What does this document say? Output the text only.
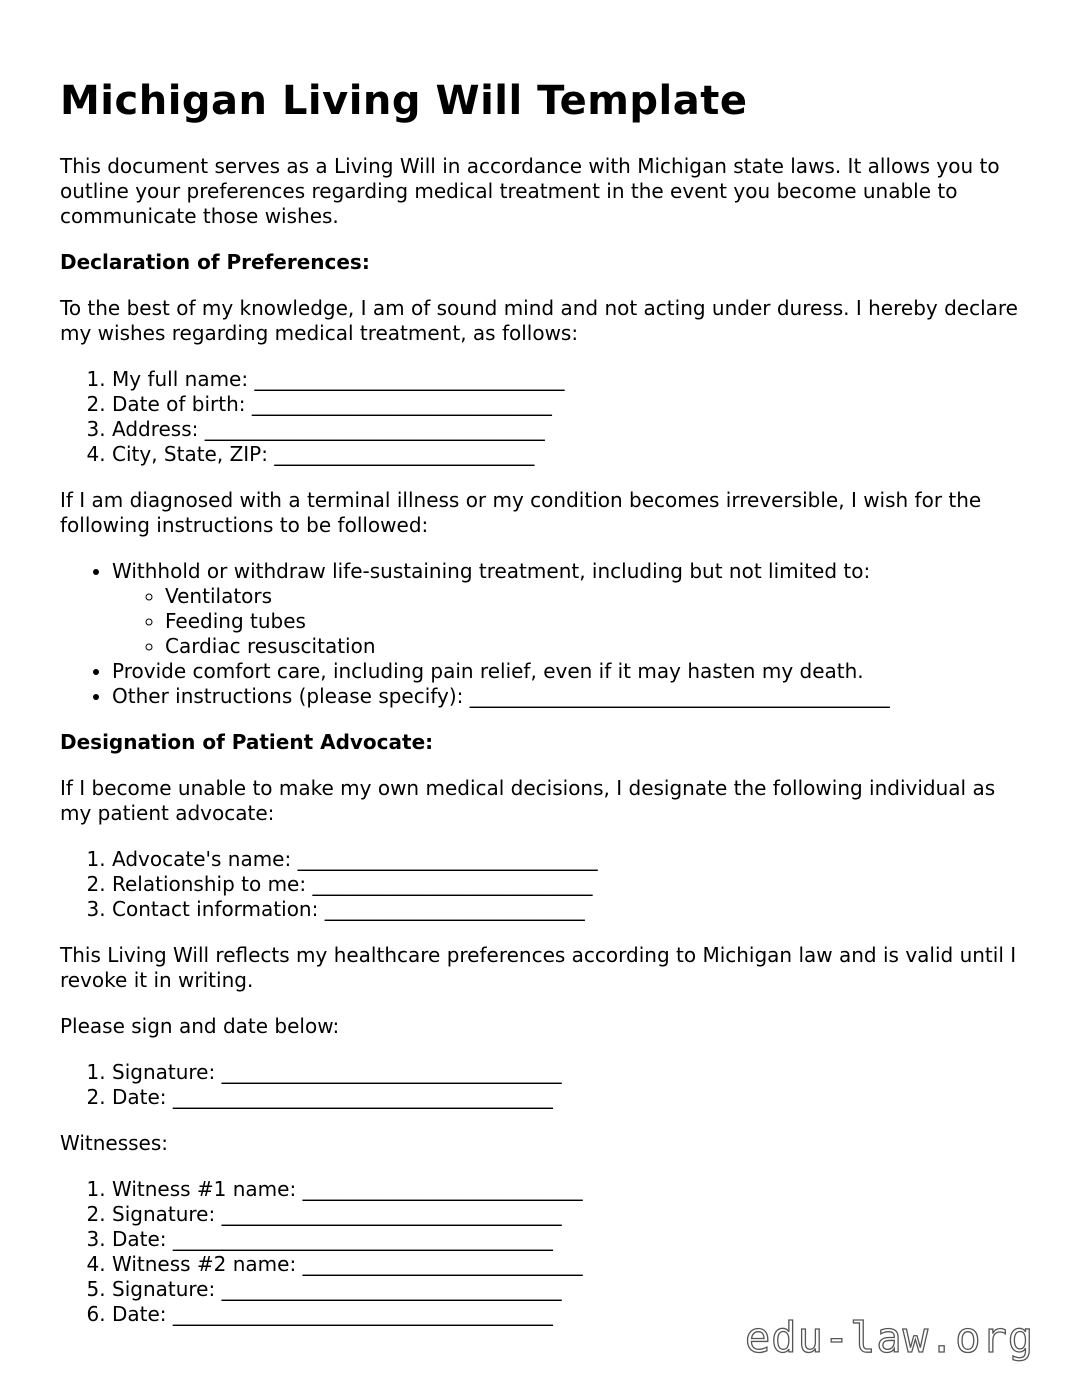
Michigan Living Will Template

This document serves as a Living Will in accordance with Michigan state laws. It allows you to outline your preferences regarding medical treatment in the event you become unable to communicate those wishes.

Declaration of Preferences:

To the best of my knowledge, I am of sound mind and not acting under duress. I hereby declare my wishes regarding medical treatment, as follows:

1. My full name: _______________________________
2. Date of birth: ______________________________
3. Address: __________________________________
4. City, State, ZIP: __________________________

If I am diagnosed with a terminal illness or my condition becomes irreversible, I wish for the following instructions to be followed:

• Withhold or withdraw life-sustaining treatment, including but not limited to:
◦ Ventilators
◦ Feeding tubes
◦ Cardiac resuscitation
• Provide comfort care, including pain relief, even if it may hasten my death.
• Other instructions (please specify): __________________________________________

Designation of Patient Advocate:

If I become unable to make my own medical decisions, I designate the following individual as my patient advocate:

1. Advocate's name: ______________________________
2. Relationship to me: ____________________________
3. Contact information: __________________________

This Living Will reflects my healthcare preferences according to Michigan law and is valid until I revoke it in writing.

Please sign and date below:

1. Signature: __________________________________
2. Date: ______________________________________

Witnesses:

1. Witness #1 name: ____________________________
2. Signature: __________________________________
3. Date: ______________________________________
4. Witness #2 name: ____________________________
5. Signature: __________________________________
6. Date: ______________________________________	edu-law.org
